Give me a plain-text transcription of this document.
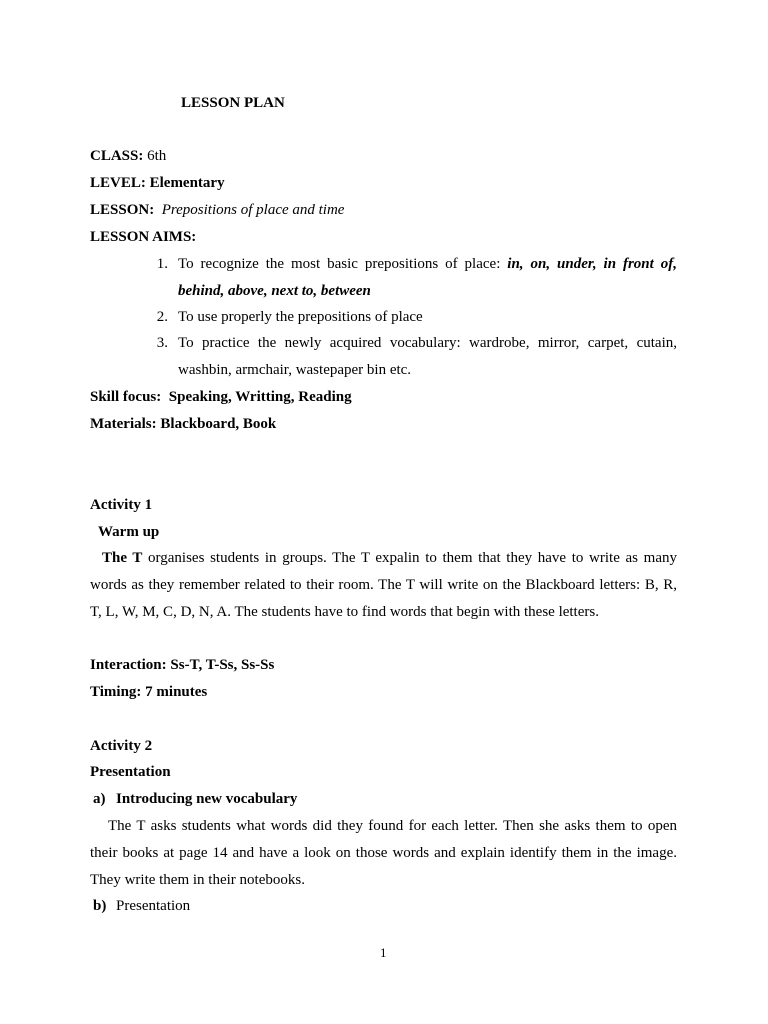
LESSON PLAN
CLASS: 6th
LEVEL: Elementary
LESSON: Prepositions of place and time
LESSON AIMS:
1. To recognize the most basic prepositions of place: in, on, under, in front of,
behind, above, next to, between
2. To use properly the prepositions of place
3. To practice the newly acquired vocabulary: wardrobe, mirror, carpet, cutain,
washbin, armchair, wastepaper bin etc.
Skill focus: Speaking, Writting, Reading
Materials: Blackboard, Book
Activity 1
Warm up
The T organises students in groups. The T expalin to them that they have to write as many
words as they remember related to their room. The T will write on the Blackboard letters: B, R,
T, L, W, M, C, D, N, A. The students have to find words that begin with these letters.
Interaction: Ss-T, T-Ss, Ss-Ss
Timing: 7 minutes
Activity 2
Presentation
a) Introducing new vocabulary
The T asks students what words did they found for each letter. Then she asks them to open
their books at page 14 and have a look on those words and explain identify them in the image.
They write them in their notebooks.
b) Presentation
1
